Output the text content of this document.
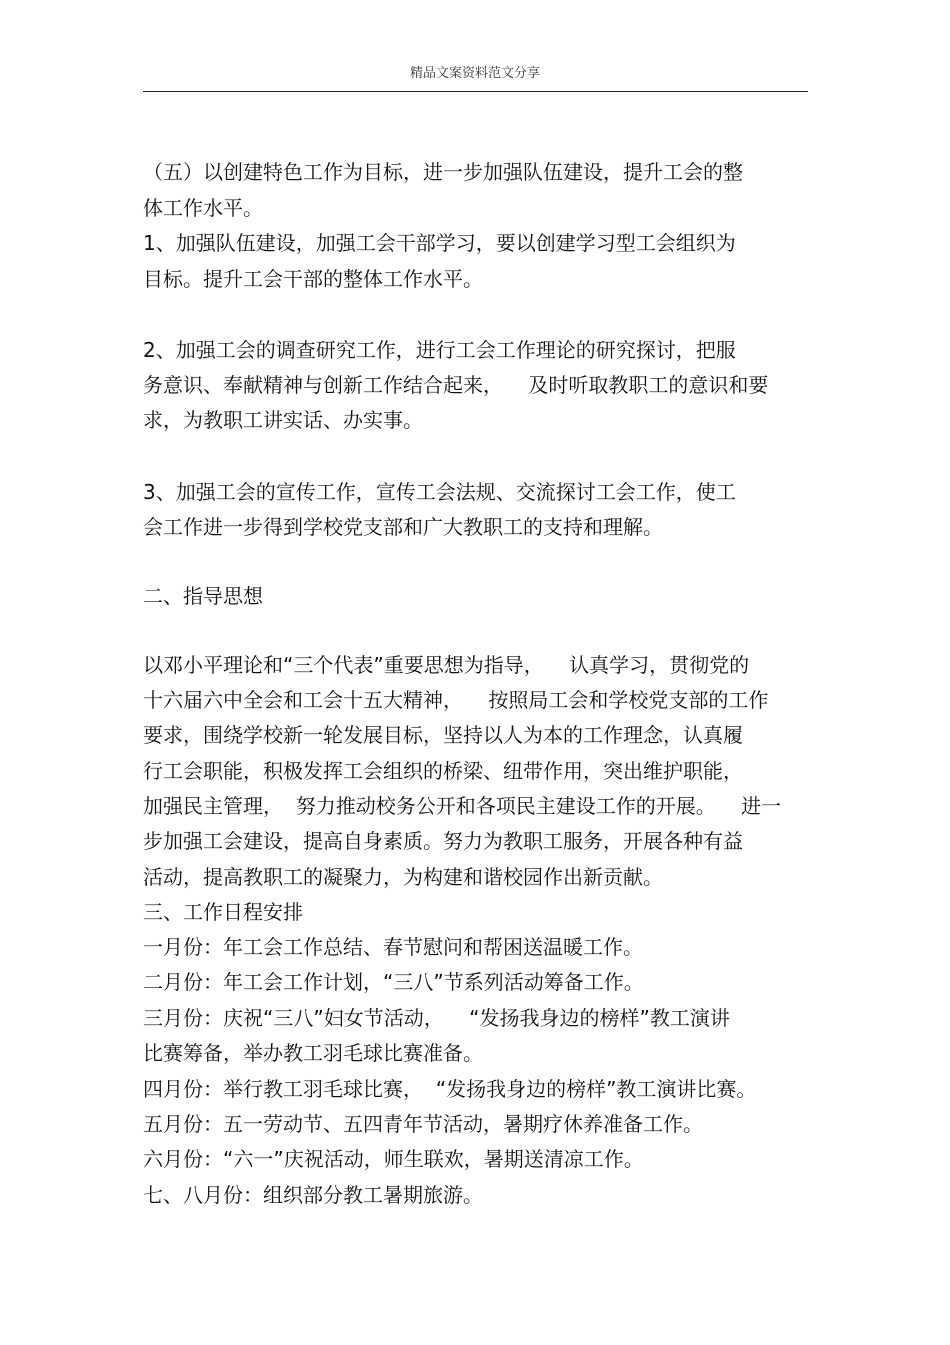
精品文案资料范文分享
（五）以创建特色工作为目标，进一步加强队伍建设，提升工会的整
体工作水平。
1、加强队伍建设，加强工会干部学习，要以创建学习型工会组织为
目标。提升工会干部的整体工作水平。
2、加强工会的调查研究工作，进行工会工作理论的研究探讨，把服
务意识、奉献精神与创新工作结合起来，    及时听取教职工的意识和要
求，为教职工讲实话、办实事。
3、加强工会的宣传工作，宣传工会法规、交流探讨工会工作，使工
会工作进一步得到学校党支部和广大教职工的支持和理解。
二、指导思想
以邓小平理论和“三个代表”重要思想为指导，    认真学习，贯彻党的
十六届六中全会和工会十五大精神，    按照局工会和学校党支部的工作
要求，围绕学校新一轮发展目标，坚持以人为本的工作理念，认真履
行工会职能，积极发挥工会组织的桥梁、纽带作用，突出维护职能，
加强民主管理，  努力推动校务公开和各项民主建设工作的开展。    进一
步加强工会建设，提高自身素质。努力为教职工服务，开展各种有益
活动，提高教职工的凝聚力，为构建和谐校园作出新贡献。
三、工作日程安排
一月份：年工会工作总结、春节慰问和帮困送温暖工作。
二月份：年工会工作计划，“三八”节系列活动筹备工作。
三月份：庆祝“三八”妇女节活动，    “发扬我身边的榜样”教工演讲
比赛筹备，举办教工羽毛球比赛准备。
四月份：举行教工羽毛球比赛，  “发扬我身边的榜样”教工演讲比赛。
五月份：五一劳动节、五四青年节活动，暑期疗休养准备工作。
六月份：“六一”庆祝活动，师生联欢，暑期送清凉工作。
七、八月份：组织部分教工暑期旅游。
